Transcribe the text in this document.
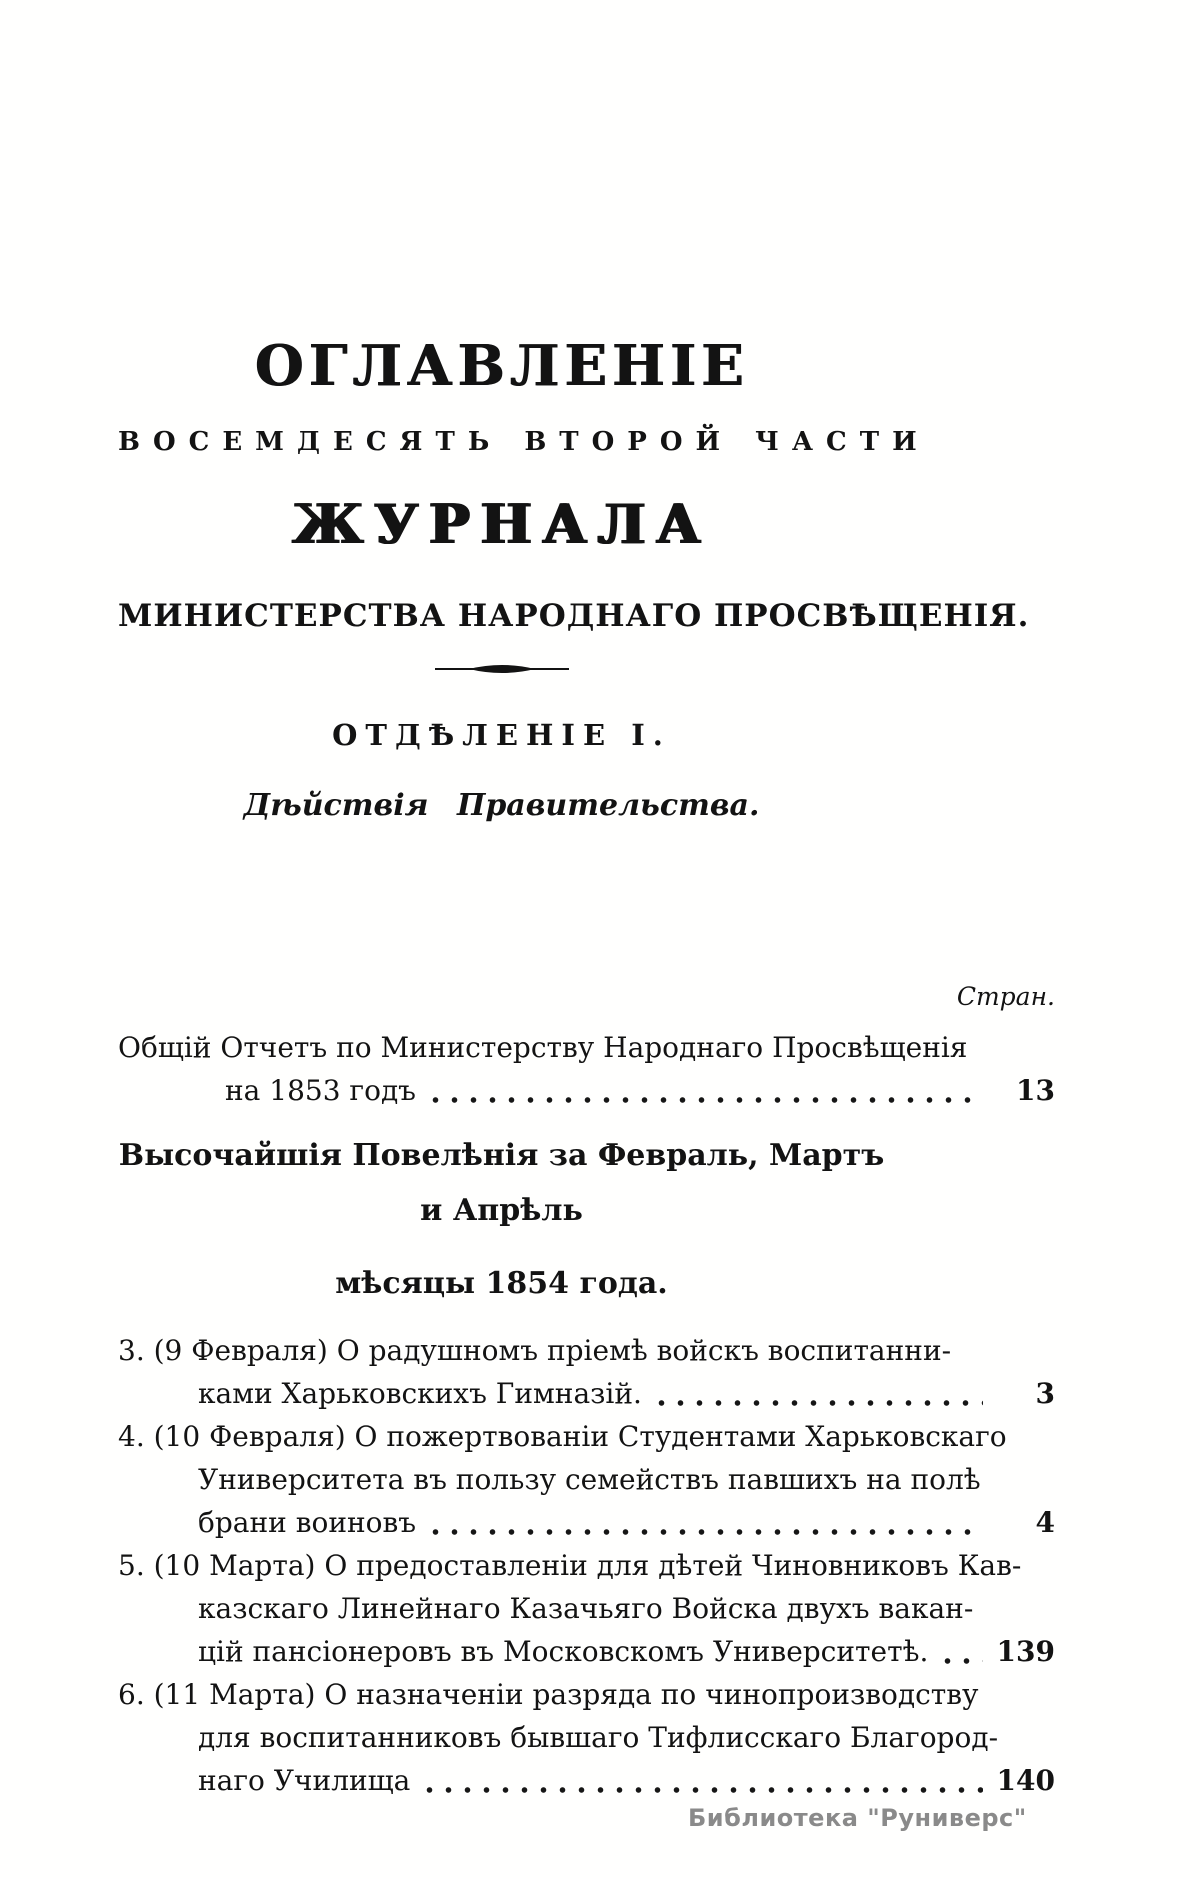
ОГЛАВЛЕНІЕ
ВОСЕМДЕСЯТЬ ВТОРОЙ ЧАСТИ
ЖУРНАЛА
МИНИСТЕРСТВА НАРОДНАГО ПРОСВѢЩЕНІЯ.
ОТДѢЛЕНІЕ I.
Дѣйствія Правительства.
Стран.
Общій Отчетъ по Министерству Народнаго Просвѣщенія
на 1853 годъ	13
Высочайшія Повелѣнія за Февраль, Мартъ и Апрѣль
мѣсяцы 1854 года.
3. (9 Февраля) О радушномъ пріемѣ войскъ воспитанни-
ками Харьковскихъ Гимназій.	3
4. (10 Февраля) О пожертвованіи Студентами Харьковскаго
Университета въ пользу семействъ павшихъ на полѣ
брани воиновъ	4
5. (10 Марта) О предоставленіи для дѣтей Чиновниковъ Кав-
казскаго Линейнаго Казачьяго Войска двухъ вакан-
цій пансіонеровъ въ Московскомъ Университетѣ.	139
6. (11 Марта) О назначеніи разряда по чинопроизводству
для воспитанниковъ бывшаго Тифлисскаго Благород-
наго Училища	140
Библиотека "Руниверс"
